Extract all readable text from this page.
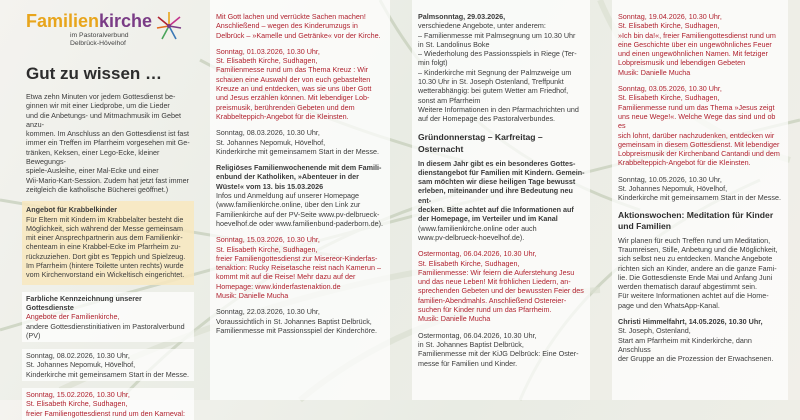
Familienkirche
im Pastoralverbund
Delbrück-Hövelhof
Gut zu wissen …

Etwa zehn Minuten vor jedem Gottesdienst be-
ginnen wir mit einer Liedprobe, um die Lieder
und die Anbetungs- und Mitmachmusik im Gebet anzu-
kommen. Im Anschluss an den Gottesdienst ist fast
immer ein Treffen im Pfarrheim vorgesehen mit Ge-
tränken, Keksen, einer Lego-Ecke, kleiner Bewegungs-
spiele-Ausleihe, einer Mal-Ecke und einer
Wii-Mario-Kart-Session. Zudem hat jetzt fast immer
zeitgleich die katholische Bücherei geöffnet.)

Angebot für Krabbelkinder

Für Eltern mit Kindern im Krabbelalter besteht die
Möglichkeit, sich während der Messe gemeinsam
mit einer Ansprechpartnerin aus dem Familienkir-
chenteam in eine Krabbel-Ecke im Pfarrheim zu-
rückzuziehen. Dort gibt es Teppich und Spielzeug.
Im Pfarrheim (hintere Toilette unten rechts) wurde
vom Kirchenvorstand ein Wickeltisch eingerichtet.

Farbliche Kennzeichnung unserer Gottesdienste

Angebote der Familienkirche,

andere Gottesdienstinitiativen im Pastoralverbund (PV)

Sonntag, 08.02.2026, 10.30 Uhr,

St. Johannes Nepomuk, Hövelhof,
Kinderkirche mit gemeinsamem Start in der Messe.

Sonntag, 15.02.2026, 10.30 Uhr,

St. Elisabeth Kirche, Sudhagen,
freier Familiengottesdienst rund um den Karneval:

Mit Gott lachen und verrückte Sachen machen!
Anschließend – wegen des Kinderumzugs in
Delbrück – »Kamelle und Getränke« vor der Kirche.

Sonntag, 01.03.2026, 10.30 Uhr,

St. Elisabeth Kirche, Sudhagen,
Familienmesse rund um das Thema Kreuz : Wir
schauen eine Auswahl der von euch gebastelten
Kreuze an und entdecken, was sie uns über Gott
und Jesus erzählen können. Mit lebendiger Lob-
preismusik, berührenden Gebeten und dem
Krabbelteppich-Angebot für die Kleinsten.

Sonntag, 08.03.2026, 10.30 Uhr,

St. Johannes Nepomuk, Hövelhof,
Kinderkirche mit gemeinsamem Start in der Messe.

Religiöses Familienwochenende mit dem Famili-
enbund der Katholiken, »Abenteuer in der
Wüste!« vom 13. bis 15.03.2026

Infos und Anmeldung auf unserer Homepage
(www.familienkirche.online, über den Link zur
Familienkirche auf der PV-Seite www.pv-delbrueck-
hoevelhof.de oder www.familienbund-paderborn.de).

Sonntag, 15.03.2026, 10.30 Uhr,

St. Elisabeth Kirche, Sudhagen,
freier Familiengottesdienst zur Misereor-Kinderfas-
tenaktion: Rucky Reisetasche reist nach Kamerun –
kommt mit auf die Reise! Mehr dazu auf der
Homepage: www.kinderfastenaktion.de
Musik: Danielle Mucha

Sonntag, 22.03.2026, 10.30 Uhr,

Voraussichtlich in St. Johannes Baptist Delbrück,
Familienmesse mit Passionsspiel der Kinderchöre.

Palmsonntag, 29.03.2026,

verschiedene Angebote, unter anderem:
– Familienmesse mit Palmsegnung um 10.30 Uhr
in St. Landolinus Boke
– Wiederholung des Passionsspiels in Riege (Ter-
min folgt)
– Kinderkirche mit Segnung der Palmzweige um
10.30 Uhr in St. Joseph Ostenland, Treffpunkt
wetterabhängig: bei gutem Wetter am Friedhof,
sonst am Pfarrheim
Weitere Informationen in den Pfarrnachrichten und
auf der Homepage des Pastoralverbundes.

Gründonnerstag – Karfreitag – Osternacht

In diesem Jahr gibt es ein besonderes Gottes-
dienstangebot für Familien mit Kindern. Gemein-
sam möchten wir diese heiligen Tage bewusst
erleben, miteinander und ihre Bedeutung neu ent-
decken. Bitte achtet auf die Informationen auf
der Homepage, im Verteiler und im Kanal

(www.familienkirche.online oder auch
www.pv-delbrueck-hoevelhof.de).

Ostermontag, 06.04.2026, 10.30 Uhr,

St. Elisabeth Kirche, Sudhagen,
Familienmesse: Wir feiern die Auferstehung Jesu
und das neue Leben! Mit fröhlichen Liedern, an-
sprechenden Gebeten und der bewussten Feier des
familien-Abendmahls. Anschließend Ostereier-
suchen für Kinder rund um das Pfarrheim.
Musik: Danielle Mucha

Ostermontag, 06.04.2026, 10.30 Uhr,

in St. Johannes Baptist Delbrück,
Familienmesse mit der KiJG Delbrück: Eine Oster-
messe für Familien und Kinder.

Sonntag, 19.04.2026, 10.30 Uhr,

St. Elisabeth Kirche, Sudhagen,
»Ich bin da!«, freier Familiengottesdienst rund um
eine Geschichte über ein ungewöhnliches Feuer
und einen ungewöhnlichen Namen. Mit fetziger
Lobpreismusik und lebendigen Gebeten
Musik: Danielle Mucha

Sonntag, 03.05.2026, 10.30 Uhr,

St. Elisabeth Kirche, Sudhagen,
Familienmesse rund um das Thema »Jesus zeigt
uns neue Wege!«. Welche Wege das sind und ob es
sich lohnt, darüber nachzudenken, entdecken wir
gemeinsam in diesem Gottesdienst. Mit lebendiger
Lobpreismusik der Kirchenband Cantandi und dem
Krabbelteppich-Angebot für die Kleinsten.

Sonntag, 10.05.2026, 10.30 Uhr,

St. Johannes Nepomuk, Hövelhof,
Kinderkirche mit gemeinsamem Start in der Messe.

Aktionswochen: Meditation für Kinder
und Familien

Wir planen für euch Treffen rund um Meditation,
Traumreisen, Stille, Anbetung und die Möglichkeit,
sich selbst neu zu entdecken. Manche Angebote
richten sich an Kinder, andere an die ganze Fami-
lie. Die Gottesdienste Ende Mai und Anfang Juni
werden thematisch darauf abgestimmt sein.
Für weitere Informationen achtet auf die Home-
page und den WhatsApp-Kanal.

Christi Himmelfahrt, 14.05.2026, 10.30 Uhr,

St. Joseph, Ostenland,
Start am Pfarrheim mit Kinderkirche, dann Anschluss
der Gruppe an die Prozession der Erwachsenen.
